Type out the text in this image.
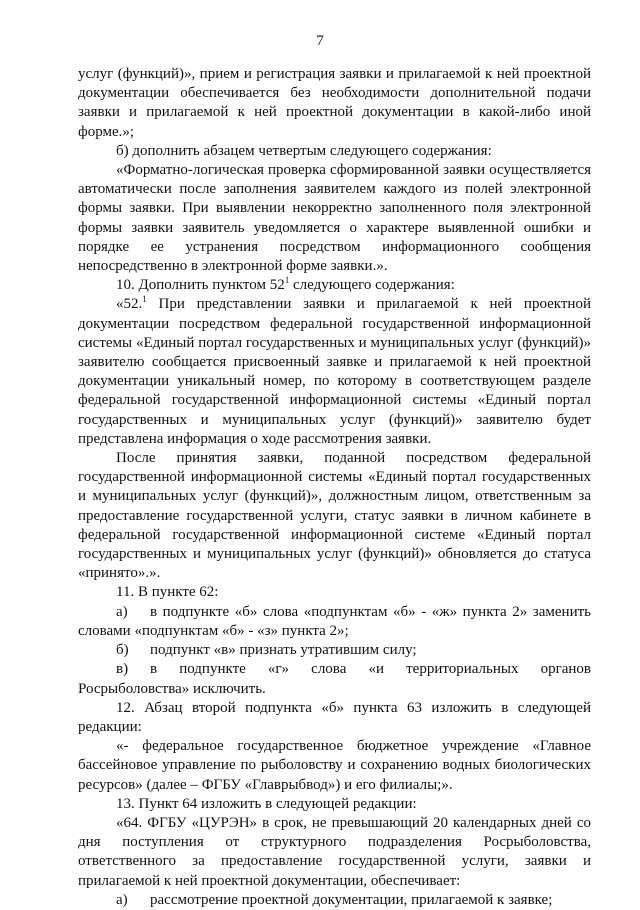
7

услуг (функций)», прием и регистрация заявки и прилагаемой к ней проектной документации обеспечивается без необходимости дополнительной подачи заявки и прилагаемой к ней проектной документации в какой-либо иной форме.»;

б) дополнить абзацем четвертым следующего содержания:

«Форматно-логическая проверка сформированной заявки осуществляется автоматически после заполнения заявителем каждого из полей электронной формы заявки. При выявлении некорректно заполненного поля электронной формы заявки заявитель уведомляется о характере выявленной ошибки и порядке ее устранения посредством информационного сообщения непосредственно в электронной форме заявки.».

10. Дополнить пунктом $52^1$ следующего содержания:

«52.$^1$ При представлении заявки и прилагаемой к ней проектной документации посредством федеральной государственной информационной системы «Единый портал государственных и муниципальных услуг (функций)» заявителю сообщается присвоенный заявке и прилагаемой к ней проектной документации уникальный номер, по которому в соответствующем разделе федеральной государственной информационной системы «Единый портал государственных и муниципальных услуг (функций)» заявителю будет представлена информация о ходе рассмотрения заявки.

После принятия заявки, поданной посредством федеральной государственной информационной системы «Единый портал государственных и муниципальных услуг (функций)», должностным лицом, ответственным за предоставление государственной услуги, статус заявки в личном кабинете в федеральной государственной информационной системе «Единый портал государственных и муниципальных услуг (функций)» обновляется до статуса «принято».».

11. В пункте 62:

а) в подпункте «б» слова «подпунктам «б» - «ж» пункта 2» заменить словами «подпунктам «б» - «з» пункта 2»;

б) подпункт «в» признать утратившим силу;

в) в подпункте «г» слова «и территориальных органов Росрыболовства» исключить.

12. Абзац второй подпункта «б» пункта 63 изложить в следующей редакции:

«- федеральное государственное бюджетное учреждение «Главное бассейновое управление по рыболовству и сохранению водных биологических ресурсов» (далее – ФГБУ «Главрыбвод») и его филиалы;».

13. Пункт 64 изложить в следующей редакции:

«64. ФГБУ «ЦУРЭН» в срок, не превышающий 20 календарных дней со дня поступления от структурного подразделения Росрыболовства, ответственного за предоставление государственной услуги, заявки и прилагаемой к ней проектной документации, обеспечивает:

а) рассмотрение проектной документации, прилагаемой к заявке;
